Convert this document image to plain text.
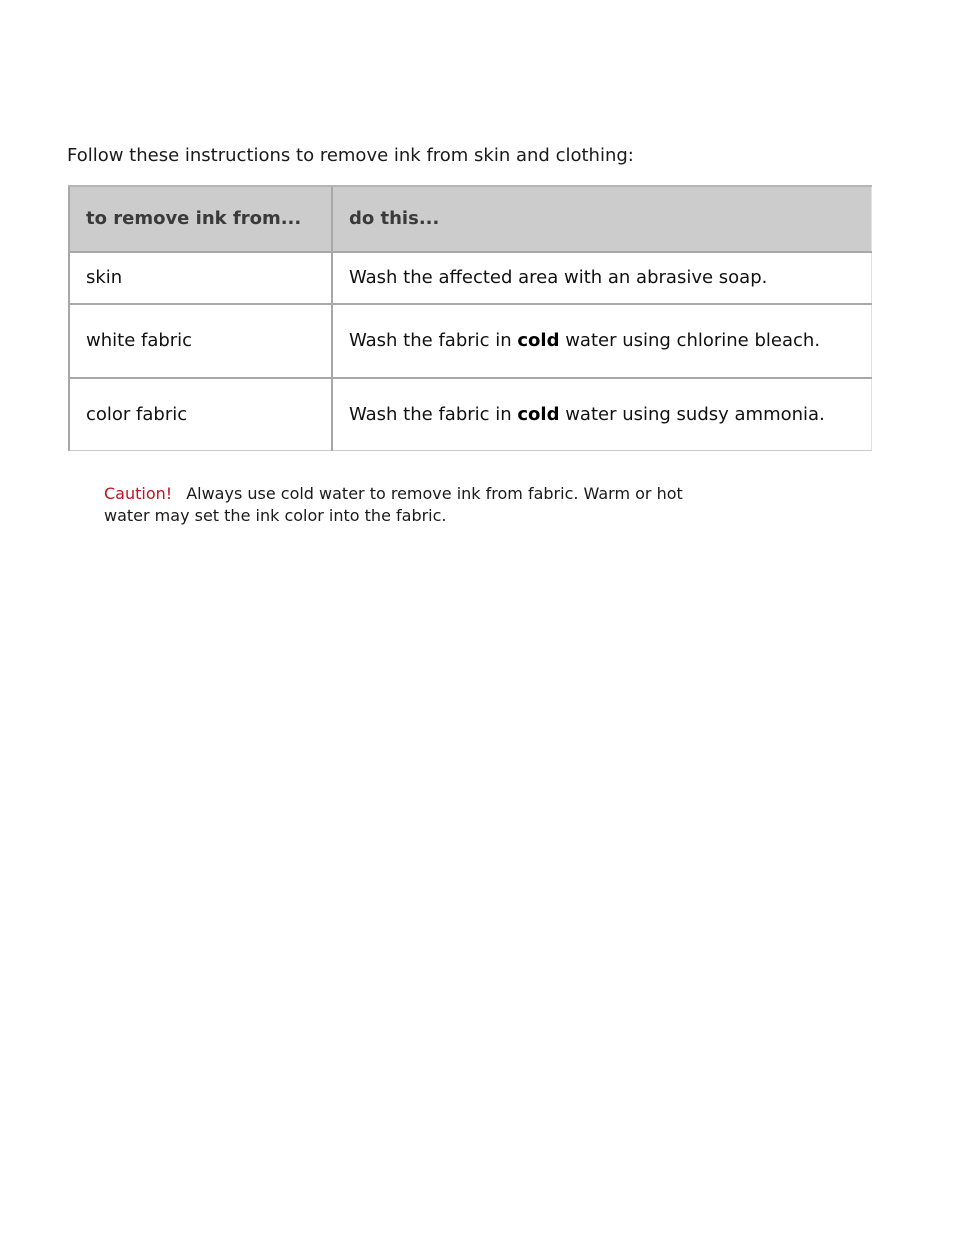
Follow these instructions to remove ink from skin and clothing:

to remove ink from...	do this...
skin	Wash the affected area with an abrasive soap.
white fabric	Wash the fabric in cold water using chlorine bleach.
color fabric	Wash the fabric in cold water using sudsy ammonia.

Caution! Always use cold water to remove ink from fabric. Warm or hot water may set the ink color into the fabric.
